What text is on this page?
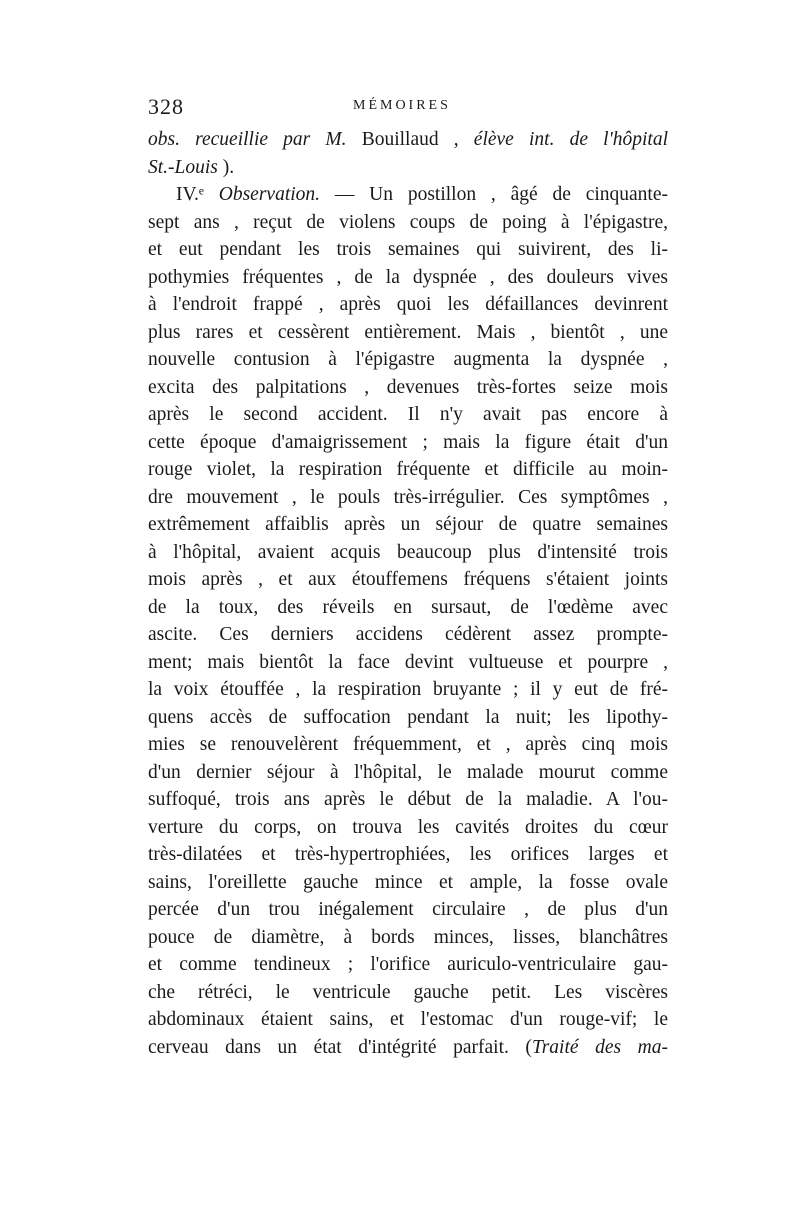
328	MÉMOIRES
obs. recueillie par M. Bouillaud , élève int. de l'hôpital
St.-Louis ).
IV.ᵉ Observation. — Un postillon , âgé de cinquante-
sept ans , reçut de violens coups de poing à l'épigastre,
et eut pendant les trois semaines qui suivirent, des li-
pothymies fréquentes , de la dyspnée , des douleurs vives
à l'endroit frappé , après quoi les défaillances devinrent
plus rares et cessèrent entièrement. Mais , bientôt , une
nouvelle contusion à l'épigastre augmenta la dyspnée ,
excita des palpitations , devenues très-fortes seize mois
après le second accident. Il n'y avait pas encore à
cette époque d'amaigrissement ; mais la figure était d'un
rouge violet, la respiration fréquente et difficile au moin-
dre mouvement , le pouls très-irrégulier. Ces symptômes ,
extrêmement affaiblis après un séjour de quatre semaines
à l'hôpital, avaient acquis beaucoup plus d'intensité trois
mois après , et aux étouffemens fréquens s'étaient joints
de la toux, des réveils en sursaut, de l'œdème avec
ascite. Ces derniers accidens cédèrent assez prompte-
ment; mais bientôt la face devint vultueuse et pourpre ,
la voix étouffée , la respiration bruyante ; il y eut de fré-
quens accès de suffocation pendant la nuit; les lipothy-
mies se renouvelèrent fréquemment, et , après cinq mois
d'un dernier séjour à l'hôpital, le malade mourut comme
suffoqué, trois ans après le début de la maladie. A l'ou-
verture du corps, on trouva les cavités droites du cœur
très-dilatées et très-hypertrophiées, les orifices larges et
sains, l'oreillette gauche mince et ample, la fosse ovale
percée d'un trou inégalement circulaire , de plus d'un
pouce de diamètre, à bords minces, lisses, blanchâtres
et comme tendineux ; l'orifice auriculo-ventriculaire gau-
che rétréci, le ventricule gauche petit. Les viscères
abdominaux étaient sains, et l'estomac d'un rouge-vif; le
cerveau dans un état d'intégrité parfait. (Traité des ma-
